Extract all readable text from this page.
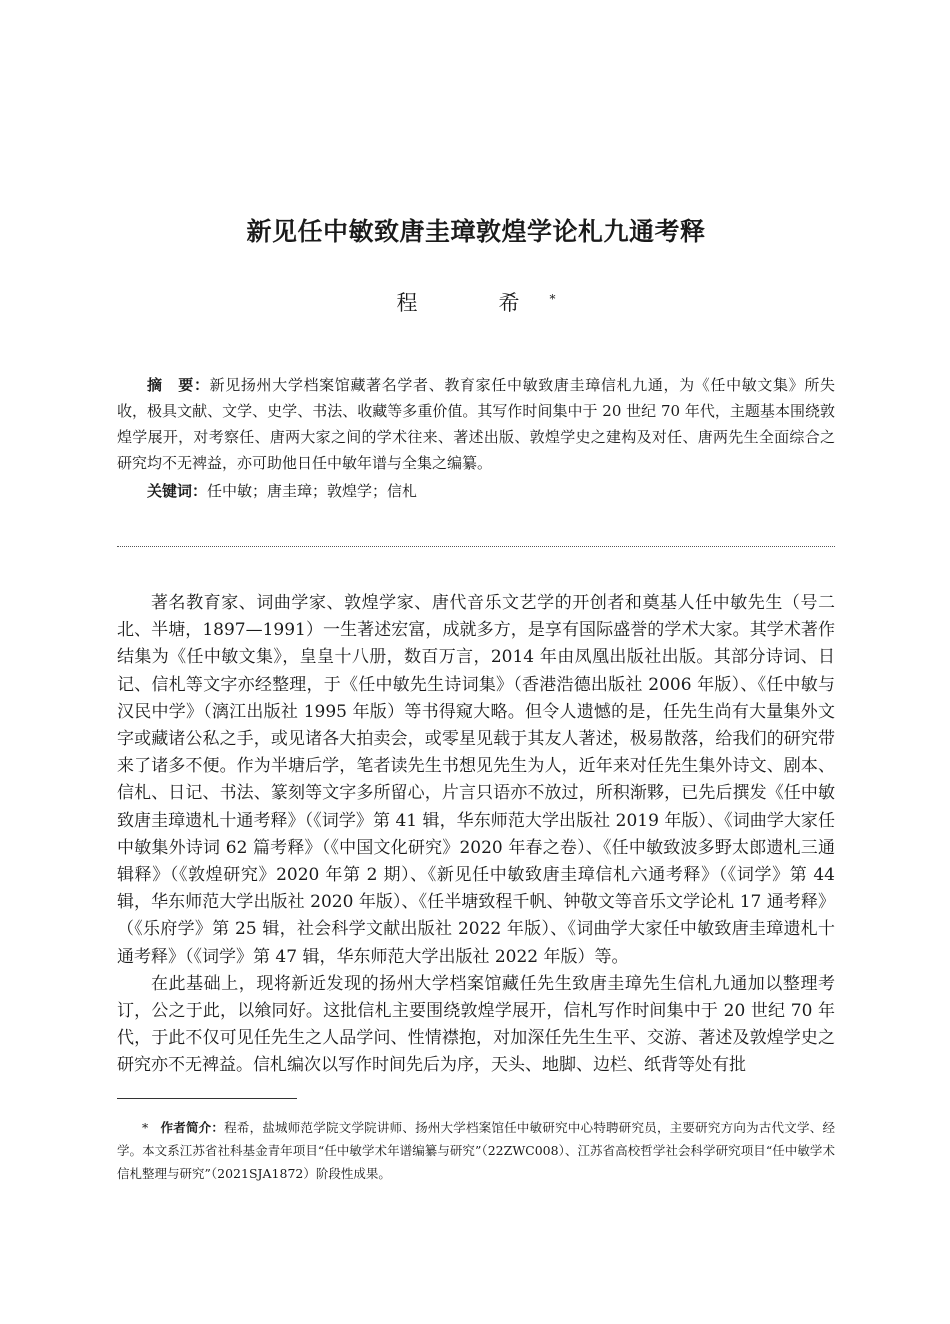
新见任中敏致唐圭璋敦煌学论札九通考释
程　希*

摘　要：新见扬州大学档案馆藏著名学者、教育家任中敏致唐圭璋信札九通，为《任中敏文集》所失收，极具文献、文学、史学、书法、收藏等多重价值。其写作时间集中于 20 世纪 70 年代，主题基本围绕敦煌学展开，对考察任、唐两大家之间的学术往来、著述出版、敦煌学史之建构及对任、唐两先生全面综合之研究均不无裨益，亦可助他日任中敏年谱与全集之编纂。

关键词：任中敏；唐圭璋；敦煌学；信札

著名教育家、词曲学家、敦煌学家、唐代音乐文艺学的开创者和奠基人任中敏先生（号二北、半塘，1897—1991）一生著述宏富，成就多方，是享有国际盛誉的学术大家。其学术著作结集为《任中敏文集》，皇皇十八册，数百万言，2014 年由凤凰出版社出版。其部分诗词、日记、信札等文字亦经整理，于《任中敏先生诗词集》（香港浩德出版社 2006 年版）、《任中敏与汉民中学》（漓江出版社 1995 年版）等书得窥大略。但令人遗憾的是，任先生尚有大量集外文字或藏诸公私之手，或见诸各大拍卖会，或零星见载于其友人著述，极易散落，给我们的研究带来了诸多不便。作为半塘后学，笔者读先生书想见先生为人，近年来对任先生集外诗文、剧本、信札、日记、书法、篆刻等文字多所留心，片言只语亦不放过，所积渐夥，已先后撰发《任中敏致唐圭璋遗札十通考释》（《词学》第 41 辑，华东师范大学出版社 2019 年版）、《词曲学大家任中敏集外诗词 62 篇考释》（《中国文化研究》2020 年春之卷）、《任中敏致波多野太郎遗札三通辑释》（《敦煌研究》2020 年第 2 期）、《新见任中敏致唐圭璋信札六通考释》（《词学》第 44 辑，华东师范大学出版社 2020 年版）、《任半塘致程千帆、钟敬文等音乐文学论札 17 通考释》（《乐府学》第 25 辑，社会科学文献出版社 2022 年版）、《词曲学大家任中敏致唐圭璋遗札十通考释》（《词学》第 47 辑，华东师范大学出版社 2022 年版）等。

在此基础上，现将新近发现的扬州大学档案馆藏任先生致唐圭璋先生信札九通加以整理考订，公之于此，以飨同好。这批信札主要围绕敦煌学展开，信札写作时间集中于 20 世纪 70 年代，于此不仅可见任先生之人品学问、性情襟抱，对加深任先生生平、交游、著述及敦煌学史之研究亦不无裨益。信札编次以写作时间先后为序，天头、地脚、边栏、纸背等处有批

* 作者简介：程希，盐城师范学院文学院讲师、扬州大学档案馆任中敏研究中心特聘研究员，主要研究方向为古代文学、经学。本文系江苏省社科基金青年项目“任中敏学术年谱编纂与研究”（22ZWC008）、江苏省高校哲学社会科学研究项目“任中敏学术信札整理与研究”（2021SJA1872）阶段性成果。
